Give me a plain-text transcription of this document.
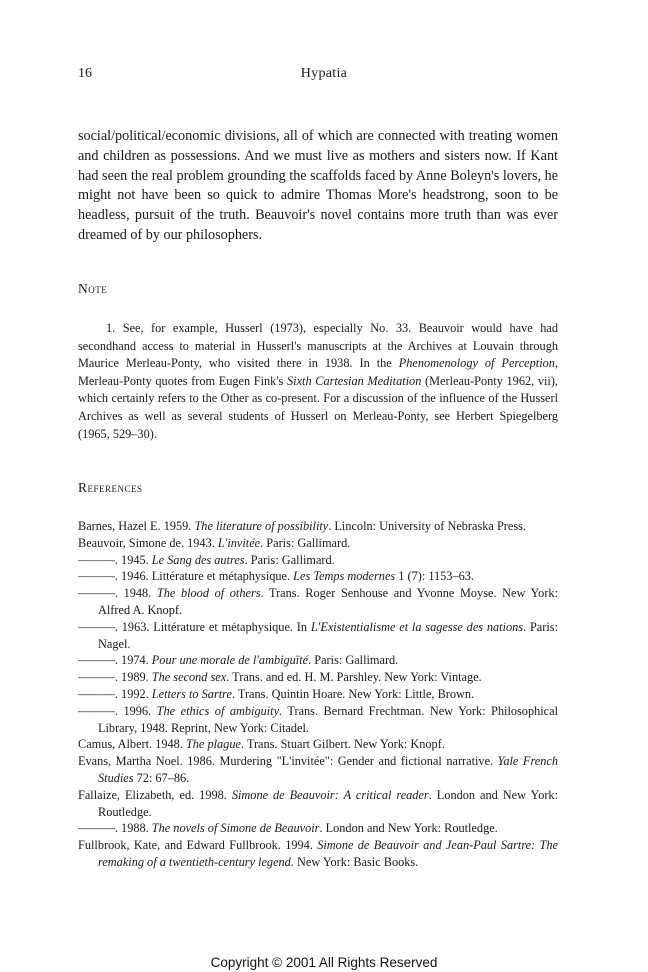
16	Hypatia
social/political/economic divisions, all of which are connected with treating women and children as possessions. And we must live as mothers and sisters now. If Kant had seen the real problem grounding the scaffolds faced by Anne Boleyn's lovers, he might not have been so quick to admire Thomas More's headstrong, soon to be headless, pursuit of the truth. Beauvoir's novel contains more truth than was ever dreamed of by our philosophers.
Note

1. See, for example, Husserl (1973), especially No. 33. Beauvoir would have had secondhand access to material in Husserl's manuscripts at the Archives at Louvain through Maurice Merleau-Ponty, who visited there in 1938. In the Phenomenology of Perception, Merleau-Ponty quotes from Eugen Fink's Sixth Cartesian Meditation (Merleau-Ponty 1962, vii), which certainly refers to the Other as co-present. For a discussion of the influence of the Husserl Archives as well as several students of Husserl on Merleau-Ponty, see Herbert Spiegelberg (1965, 529–30).

References
Barnes, Hazel E. 1959. The literature of possibility. Lincoln: University of Nebraska Press.
Beauvoir, Simone de. 1943. L'invitée. Paris: Gallimard.
———. 1945. Le Sang des autres. Paris: Gallimard.
———. 1946. Littérature et métaphysique. Les Temps modernes 1 (7): 1153–63.
———. 1948. The blood of others. Trans. Roger Senhouse and Yvonne Moyse. New York: Alfred A. Knopf.
———. 1963. Littérature et métaphysique. In L'Existentialisme et la sagesse des nations. Paris: Nagel.
———. 1974. Pour une morale de l'ambiguïté. Paris: Gallimard.
———. 1989. The second sex. Trans. and ed. H. M. Parshley. New York: Vintage.
———. 1992. Letters to Sartre. Trans. Quintin Hoare. New York: Little, Brown.
———. 1996. The ethics of ambiguity. Trans. Bernard Frechtman. New York: Philosophical Library, 1948. Reprint, New York: Citadel.
Camus, Albert. 1948. The plague. Trans. Stuart Gilbert. New York: Knopf.
Evans, Martha Noel. 1986. Murdering "L'invitée": Gender and fictional narrative. Yale French Studies 72: 67–86.
Fallaize, Elizabeth, ed. 1998. Simone de Beauvoir: A critical reader. London and New York: Routledge.
———. 1988. The novels of Simone de Beauvoir. London and New York: Routledge.
Fullbrook, Kate, and Edward Fullbrook. 1994. Simone de Beauvoir and Jean-Paul Sartre: The remaking of a twentieth-century legend. New York: Basic Books.
Copyright © 2001 All Rights Reserved
